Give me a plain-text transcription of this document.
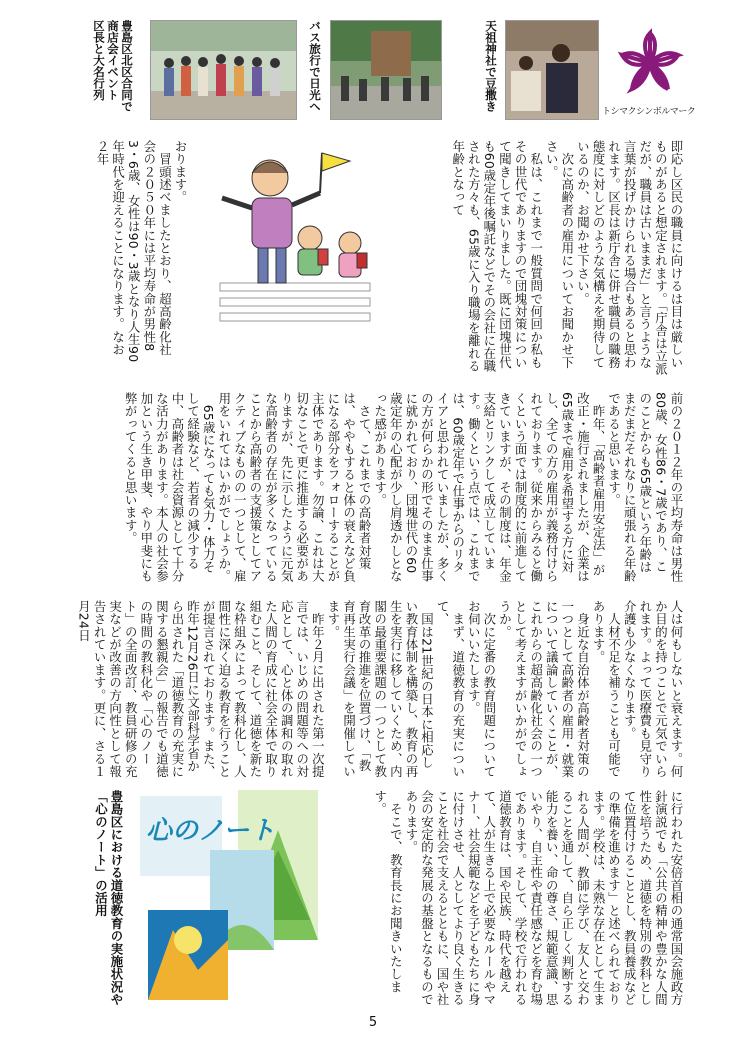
豊島区北区合同で
商店会イベント
区長と大名行列	バス旅行で日光へ	天祖神社で豆撒き	トシマクシンボルマーク
即応し区民の職員に向けるは目は厳しいものがあると想定されます。「庁舎は立派だが、職員は古いままだ」と言うような言葉が投げかけられる場合もあると思われます。区長は新庁舎に併せ職員の職務態度に対しどのような気構えを期待しているのか、お聞かせ下さい。
　次に高齢者の雇用についてお聞かせ下さい。
　私は、これまで一般質問で何回か私もその世代でありますので団塊対策について聞きしてまいりました。既に団塊世代も60歳定年後嘱託などでその会社に在職された方々も、65歳に入り職場を離れる年齢となって
おります。
　冒頭述べましたとおり、超高齢化社会の２０５０年には平均寿命が男性83・6歳、女性は90・3歳となり人生90年時代を迎えることになります。なお２年
前の２０１２年の平均寿命は男性80歳、女性86・7歳であり、このことからも65歳という年齢はまだまだそれなりに頑張れる年齢であると思います。
　昨年、「高齢者雇用安定法」が改正・施行されましたが、企業は65歳まで雇用を希望する方に対し、全ての方の雇用が義務付けられております。従来からみると働くという面では制度的に前進してきていますが、その制度は、年金支給とリンクして成立しています。働くという点では、これまでは、60歳定年で仕事からのリタイアと思われていましたが、多くの方が何らかの形でそのまま仕事に就かれており、団塊世代の60歳定年の心配が少し肩透かしとなった感があります。
　さて、これまでの高齢者対策は、ややもすると体の衰えなど負になる部分をフォローすることが主体であります。勿論、これは大切なことで更に推進する必要がありますが、先に示したように元気な高齢者の存在が多くなっていることから高齢者の支援策としてアクティブなものの一つとして、雇用をいれてはいかがでしょうか。
　65歳になっても気力・体力そして経験など、若者の減少する中、高齢者は社会資源として十分な活力があります。本人の社会参加という生き甲斐、やり甲斐にも弊がってくると思います。
人は何もしないと衰えます。何か目的を持つことで元気でいられます。よって医療費も見守り介護も少なくなります。
　人材不足を補うことも可能であります。
　身近な自治体が高齢者対策の一つとして高齢者の雇用・就業について議論していくことが、これからの超高齢化社会の一つとして考えますがいかがでしょうか。
　次に定番の教育問題についてお伺いいたします。
　まず、道徳教育の充実について、
　国は21世紀の日本に相応しい教育体制を構築し、教育の再生を実行に移していくため、内閣の最重要課題の一つとして教育改革の推進を位置づけ、「教育再生実行会議」を開催しています。
　昨年２月に出された第一次提言では、いじめの問題等への対応として、心と体の調和の取れた人間の育成に社会全体で取り組むこと、そして、道徳を新たな枠組みによって教科化し、人間性に深く迫る教育を行うことが提言されております。また、昨年12月26日に文部科学省から出された「道徳教育の充実に関する懇親会」の報告でも道徳の時間の教科化や「心のノート」の全面改訂、教員研修の充実などが改善の方向性として報告されています。更に、さる１月24日
に行われた安倍首相の通常国会施政方針演説でも「公共の精神や豊かな人間性を培うため、道徳を特別の教科として位置付けることとし、教員養成などの準備を進めます」と述べられております。学校は、未熟な存在として生まれる人間が、教師に学び、友人と交わることを通して、自ら正しく判断する能力を養い、命の尊さ、規範意識、思いやり、自主性や責任感などを育む場であります。そして、学校で行われる道徳教育は、国や民族、時代を越えて、人が生きる上で必要なルールやマナー、社会規範などを子どもたちに身に付けさせ、人としてより良く生きることを社会で支えるとともに、国や社会の安定的な発展の基盤となるものであります。
　そこで、教育長にお聞きいたします。
心のノート
豊島区における道徳教育の実施状況や「心のノート」の活用
5
